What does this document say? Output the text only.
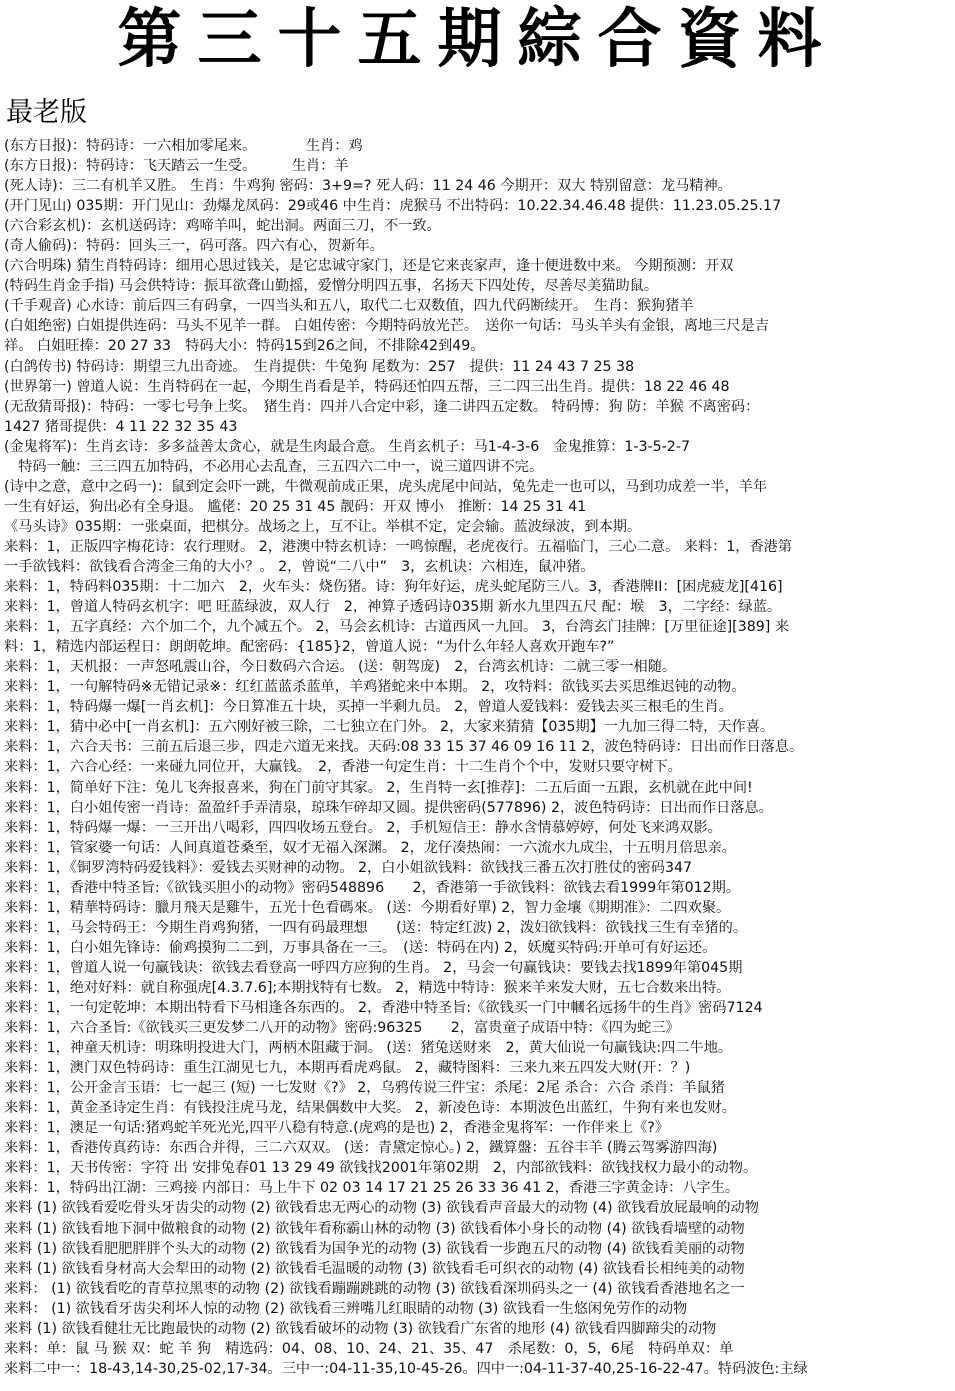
第三十五期綜合資料
最老版
(东方日报)：特码诗：一六相加零尾来。　　　　生肖：鸡
(东方日报)：特码诗：飞天踏云一生受。　　　生肖：羊
(死人诗)：三二有机羊又胜。 生肖：牛鸡狗 密码：3+9=? 死人码：11 24 46 今期开：双大 特别留意：龙马精神。
(开门见山) 035期：开门见山：劲爆龙凤码：29或46 中生肖：虎猴马 不出特码：10.22.34.46.48 提供：11.23.05.25.17
(六合彩玄机)：玄机送码诗：鸡啼羊叫，蛇出洞。两面三刀，不一致。
(奇人偷码)：特码：回头三一，码可落。四六有心，贺新年。
(六合明珠) 猜生肖特码诗：细用心思过钱关，是它忠诚守家门，还是它来丧家声，逢十便进数中来。 今期预测：开双
(特码生肖金手指) 马会供特诗：振耳欲聋山勤摇，爱憎分明四五事，名扬天下四处传，尽善尽美猫助鼠。
(千手观音) 心水诗：前后四三有码拿，一四当头和五八，取代二七双数值，四九代码断续开。　生肖：猴狗猪羊
(白姐绝密) 白姐提供连码：马头不见羊一群。 白姐传密：今期特码放光芒。　送你一句话：马头羊头有金银，离地三尺是吉
祥。 白姐旺捧：20 27 33　特码大小：特码15到26之间，不排除42到49。
(白鸽传书) 特码诗：期望三九出奇迹。　生肖提供：牛兔狗 尾数为：257　提供：11 24 43 7 25 38
(世界第一) 曾道人说：生肖特码在一起，今期生肖看是羊，特码还怕四五帮，三二四三出生肖。提供：18 22 46 48
(无敌猜哥报)：特码：一零七号争上奖。　猪生肖：四并八合定中彩，逢二讲四五定数。 特码博：狗 防：羊猴 不离密码：
1427 猪哥提供：4 11 22 32 35 43
(金鬼将军)：生肖玄诗：多多益善太贪心，就是生肉最合意。 生肖玄机子：马1-4-3-6　金鬼推算：1-3-5-2-7
　特码一触：三三四五加特码，不必用心去乱查，三五四六二中一，说三道四讲不完。
(诗中之意，意中之码一)：鼠到定会吓一跳，牛微观前成正果，虎头虎尾中间站，兔先走一也可以，马到功成差一半，羊年
一生有好运，狗出必有全身退。 尴佬：20 25 31 45 靓码：开双 博小　推断：14 25 31 41
《马头诗》035期：一张桌面，把棋分。战场之上，互不让。举棋不定，定会输。蓝波绿波，到本期。
来料：1，正版四字梅花诗：农行理财。 2，港澳中特玄机诗：一鸣惊醒，老虎夜行。五福临门，三心二意。 来料：1，香港第
一手欲钱料：欲钱看合湾金三角的大小？。 2，曾说“二八中”　3，玄机诀：六相连，鼠冲猪。
来料：1，特码料035期：十二加六　2，火车头：烧伤猪。诗：狗年好运，虎头蛇尾防三八。3，香港牌II：[困虎疲龙][416]
来料：1，曾道人特码玄机字：吧 旺蓝绿波，双人行　2，神算子透码诗035期 新水九里四五尺 配：堠　3，二字经：绿蓝。
来料：1，五字真经：六个加二个，九个减五个。 2，马会玄机诗：古道西风一九回。 3，台湾玄门挂牌：[万里征途][389] 来
料：1，精选内部运程日：朗朗乾坤。配密码：{185}2，曾道人说：“为什么年轻人喜欢开跑车?”
来料：1，天机报：一声怒吼震山谷，今日数码六合运。 (送：朝驾庞)　2，台湾玄机诗：二就三零一相随。
来料：1，一句解特码※无错记录※：红红蓝蓝杀蓝单，羊鸡猪蛇来中本期。 2，攻特料：欲钱买去买思维迟钝的动物。
来料：1，特码爆一爆[一肖玄机]：今日算准五十块，买掉一半剩九员。 2，曾道人爱钱料：爱钱去买三根毛的生肖。
来料：1，猜中必中[一肖玄机]：五六刚好被三除，二七独立在门外。 2，大家来猜猜【035期】一九加三得二特，天作喜。
来料：1，六合天书：三前五后退三步，四走六道无来找。天码:08 33 15 37 46 09 16 11 2，波色特码诗：日出而作日落息。
来料：1，六合心经：一来碰九同位开，大赢钱。　2，香港一句定生肖：十二生肖个个中，发财只要守树下。
来料：1，简单好下注：兔儿飞奔报喜来，狗在门前守其家。 2，生肖特一玄[推荐]：二五后面一五跟，玄机就在此中间!
来料：1，白小姐传密一肖诗：盈盈纤手弄清泉，琼珠乍碎却又圆。提供密码(577896) 2，波色特码诗：日出而作日落息。
来料：1，特码爆一爆：一三开出八喝彩，四四收场五登台。 2，手机短信王：静水含情慕婷婷，何处飞来鸿双影。
来料：1，管家婆一句话：人间真道苍桑至，奴才无福入深渊。 2，龙仔凑热闹：一六流水九成尘，十五明月倍思亲。
来料：1，《铜罗湾特码爱钱料》：爱钱去买财神的动物。 2，白小姐欲钱料：欲钱找三番五次打胜仗的密码347
来料：1，香港中特圣旨:《欲钱买胆小的动物》密码548896　　2，香港第一手欲钱料：欲钱去看1999年第012期。
来料：1，精華特码诗：臘月飛天是雞牛，五光十色看碼來。 (送：今期看好單) 2，智力金壤《期期准》：二四欢聚。
来料：1，马会特码王：今期生肖鸡狗猪，一四有码最理想　　(送：特定红波) 2，泼妇欲钱料：欲钱找三生有幸猪的。
来料：1，白小姐先锋诗：偷鸡摸狗二二到，万事具备在一三。　(送：特码在内) 2，妖魔买特码:开单可有好运还。
来料：1，曾道人说一句赢钱诀：欲钱去看登高一呼四方应狗的生肖。 2，马会一句赢钱诀：要钱去找1899年第045期
来料：1，绝对好料：就自称强虎[4.3.7.6];本期找特有七数。 2，精选中特诗：猴来羊来发大财，五七合数来出特。
来料：1，一句定乾坤：本期出特看下马相逢各东西的。 2，香港中特圣旨:《欲钱买一门中幗名远扬牛的生肖》密码7124
来料：1，六合圣旨:《欲钱买三更发梦二八开的动物》密码:96325　　2，富贵童子成语中特：《四为蛇三》
来料：1，神童天机诗：明珠明投进大门，两柄木阻藏于洞。 (送：猪兔送财来　2，黄大仙说一句赢钱诀:四二牛地。
来料：1，澳门双色特码诗：重生江湖见七九，本期再看虎鸡鼠。 2，藏特图料：三来九来五四发大财(开：？)
来料：1，公开金言玉语：七一起三 (短) 一七发财《?》 2，乌鸦传说三件宝：杀尾：2尾 杀合：六合 杀肖：羊鼠猪
来料：1，黄金圣诗定生肖：有钱投注虎马龙，结果偶数中大奖。 2，新凌色诗：本期波色出蓝红，牛狗有来也发财。
来料：1，澳足一句话:猪鸡蛇羊死光光,四平八稳有特意.(虎鸡的是也) 2，香港金鬼将军：一作伴来上《?》
来料：1，香港传真药诗：东西合并得，三二六双双。 (送：青黛定惊心。) 2，鐵算盤：五谷丰羊 (腾云驾雾游四海)
来料：1，天书传密：字符 出 安排兔春01 13 29 49 欲钱找2001年第02期　2，内部欲钱料：欲钱找权力最小的动物。
来料：1，特码出江湖：三鸡接 内部日：马上牛下 02 03 14 17 21 25 26 33 36 41 2，香港三字黄金诗：八字生。
来料 (1) 欲钱看爱吃骨头牙齿尖的动物 (2) 欲钱看忠无两心的动物 (3) 欲钱看声音最大的动物 (4) 欲钱看放屁最响的动物
来料 (1) 欲钱看地下洞中做粮食的动物 (2) 欲钱年看称霸山林的动物 (3) 欲钱看体小身长的动物 (4) 欲钱看墙壁的动物
来料 (1) 欲钱看肥肥胖胖个头大的动物 (2) 欲钱看为国争光的动物 (3) 欲钱看一步跑五尺的动物 (4) 欲钱看美丽的动物
来料 (1) 欲钱看身材高大会犁田的动物 (2) 欲钱看毛温暖的动物 (3) 欲钱看毛可织衣的动物 (4) 欲钱看长相纯美的动物
来料： (1) 欲钱看吃的青草拉黑枣的动物 (2) 欲钱看蹦蹦跳跳的动物 (3) 欲钱看深圳码头之一 (4) 欲钱看香港地名之一
来料： (1) 欲钱看牙齿尖利坏人惊的动物 (2) 欲钱看三辨嘴儿红眼睛的动物 (3) 欲钱看一生悠闲免劳作的动物
来料 (1) 欲钱看健壮无比跑最快的动物 (2) 欲钱看破坏的动物 (3) 欲钱看广东省的地形 (4) 欲钱看四脚蹄尖的动物
来料：单：鼠 马 猴 双：蛇 羊 狗　精选码：04、08、10、24、21、35、47　杀尾数：0，5，6尾　特码单双：单
来料二中一：18-43,14-30,25-02,17-34。三中一:04-11-35,10-45-26。四中一:04-11-37-40,25-16-22-47。特码波色:主绿
